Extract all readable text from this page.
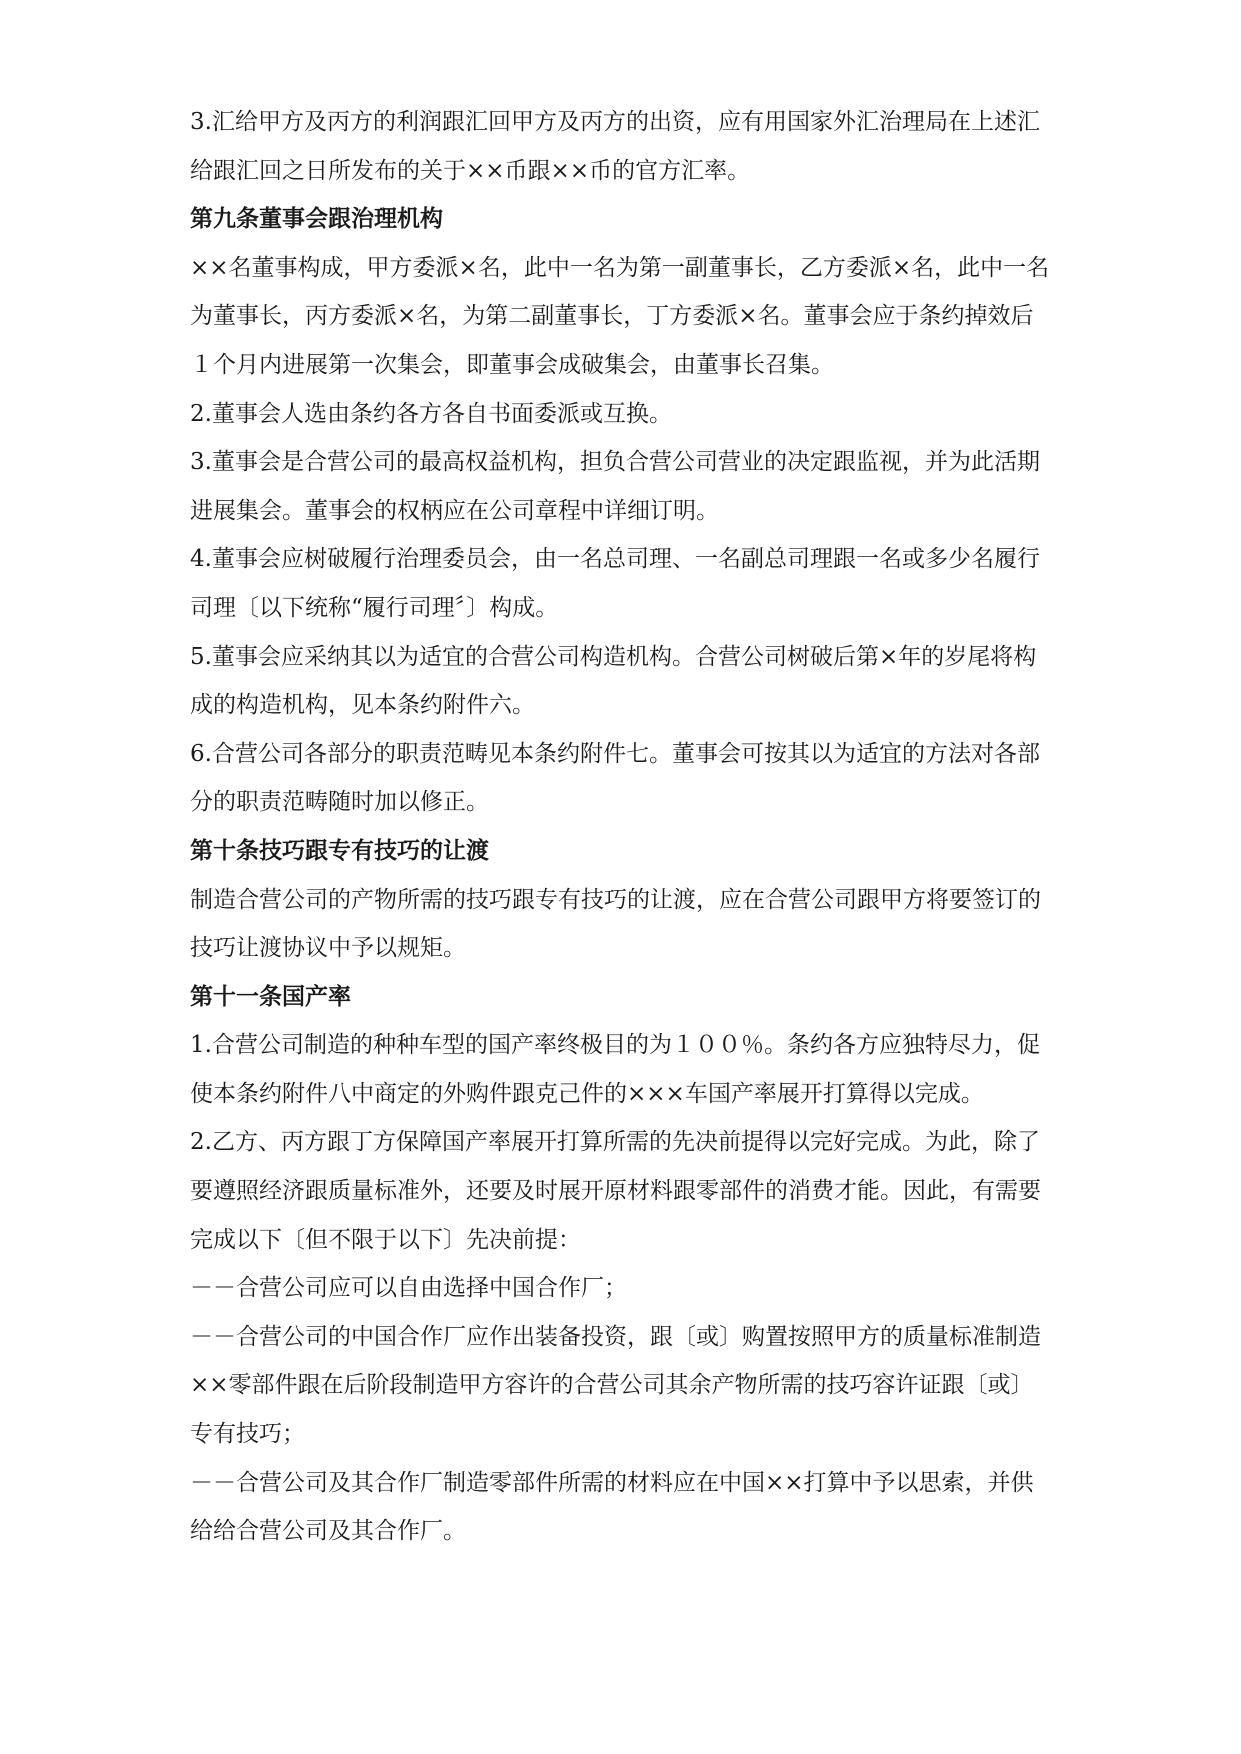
3.汇给甲方及丙方的利润跟汇回甲方及丙方的出资，应有用国家外汇治理局在上述汇给跟汇回之日所发布的关于××币跟××币的官方汇率。

第九条董事会跟治理机构

××名董事构成，甲方委派×名，此中一名为第一副董事长，乙方委派×名，此中一名为董事长，丙方委派×名，为第二副董事长，丁方委派×名。董事会应于条约掉效后１个月内进展第一次集会，即董事会成破集会，由董事长召集。

2.董事会人选由条约各方各自书面委派或互换。

3.董事会是合营公司的最高权益机构，担负合营公司营业的决定跟监视，并为此活期进展集会。董事会的权柄应在公司章程中详细订明。

4.董事会应树破履行治理委员会，由一名总司理、一名副总司理跟一名或多少名履行司理〔以下统称“履行司理〞〕构成。

5.董事会应采纳其以为适宜的合营公司构造机构。合营公司树破后第×年的岁尾将构成的构造机构，见本条约附件六。

6.合营公司各部分的职责范畴见本条约附件七。董事会可按其以为适宜的方法对各部分的职责范畴随时加以修正。

第十条技巧跟专有技巧的让渡

制造合营公司的产物所需的技巧跟专有技巧的让渡，应在合营公司跟甲方将要签订的技巧让渡协议中予以规矩。

第十一条国产率

1.合营公司制造的种种车型的国产率终极目的为１００％。条约各方应独特尽力，促使本条约附件八中商定的外购件跟克己件的×××车国产率展开打算得以完成。

2.乙方、丙方跟丁方保障国产率展开打算所需的先决前提得以完好完成。为此，除了要遵照经济跟质量标准外，还要及时展开原材料跟零部件的消费才能。因此，有需要完成以下〔但不限于以下〕先决前提：

－－合营公司应可以自由选择中国合作厂；

－－合营公司的中国合作厂应作出装备投资，跟〔或〕购置按照甲方的质量标准制造××零部件跟在后阶段制造甲方容许的合营公司其余产物所需的技巧容许证跟〔或〕专有技巧；

－－合营公司及其合作厂制造零部件所需的材料应在中国××打算中予以思索，并供给给合营公司及其合作厂。
